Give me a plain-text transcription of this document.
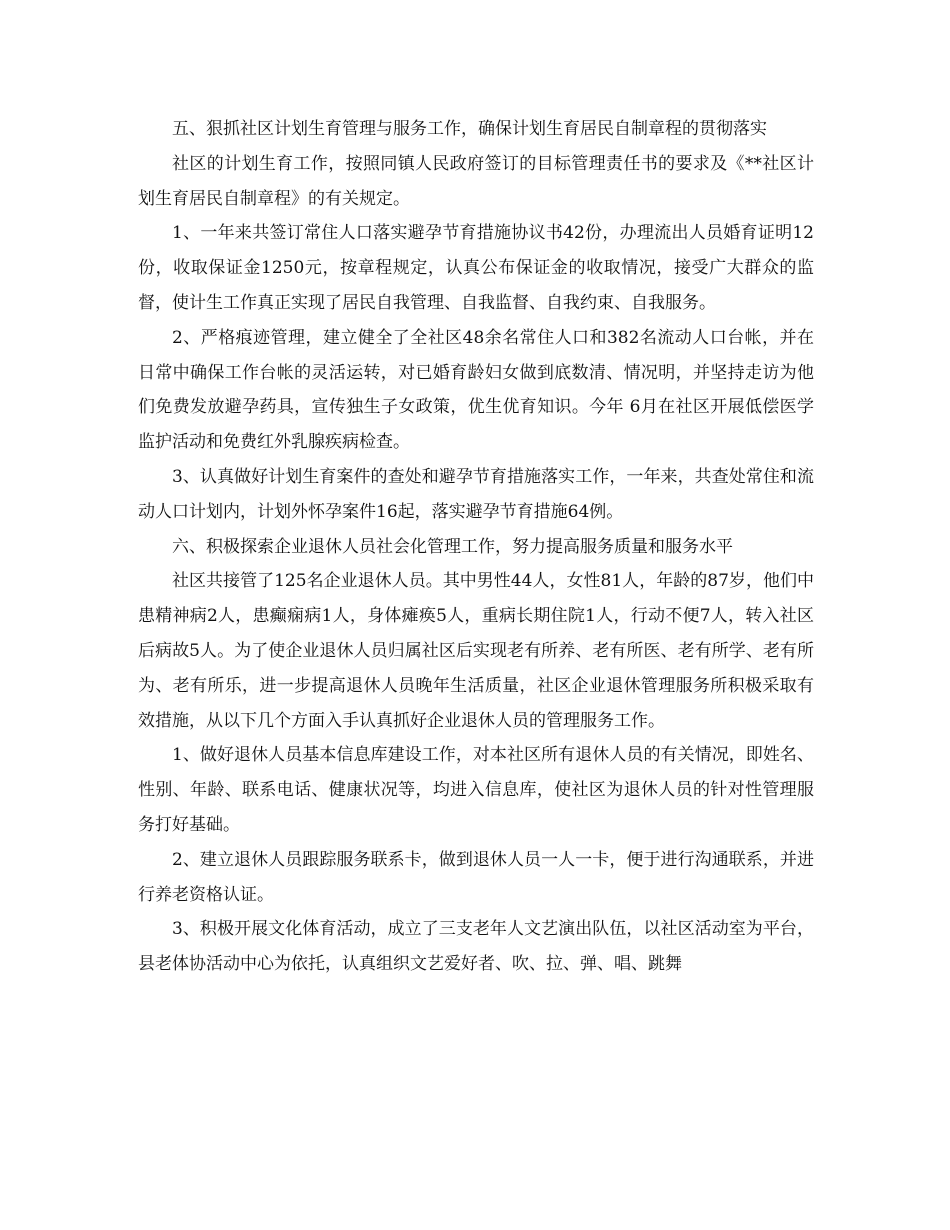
五、狠抓社区计划生育管理与服务工作，确保计划生育居民自制章程的贯彻落实

社区的计划生育工作，按照同镇人民政府签订的目标管理责任书的要求及《**社区计划生育居民自制章程》的有关规定。

1、一年来共签订常住人口落实避孕节育措施协议书42份，办理流出人员婚育证明12份，收取保证金1250元，按章程规定，认真公布保证金的收取情况，接受广大群众的监督，使计生工作真正实现了居民自我管理、自我监督、自我约束、自我服务。

2、严格痕迹管理，建立健全了全社区48余名常住人口和382名流动人口台帐，并在日常中确保工作台帐的灵活运转，对已婚育龄妇女做到底数清、情况明，并坚持走访为他们免费发放避孕药具，宣传独生子女政策，优生优育知识。今年 6月在社区开展低偿医学监护活动和免费红外乳腺疾病检查。

3、认真做好计划生育案件的查处和避孕节育措施落实工作，一年来，共查处常住和流动人口计划内，计划外怀孕案件16起，落实避孕节育措施64例。

六、积极探索企业退休人员社会化管理工作，努力提高服务质量和服务水平

社区共接管了125名企业退休人员。其中男性44人，女性81人，年龄的87岁，他们中患精神病2人，患癫痫病1人，身体瘫痪5人，重病长期住院1人，行动不便7人，转入社区后病故5人。为了使企业退休人员归属社区后实现老有所养、老有所医、老有所学、老有所为、老有所乐，进一步提高退休人员晚年生活质量，社区企业退休管理服务所积极采取有效措施，从以下几个方面入手认真抓好企业退休人员的管理服务工作。

1、做好退休人员基本信息库建设工作，对本社区所有退休人员的有关情况，即姓名、性别、年龄、联系电话、健康状况等，均进入信息库，使社区为退休人员的针对性管理服务打好基础。

2、建立退休人员跟踪服务联系卡，做到退休人员一人一卡，便于进行沟通联系，并进行养老资格认证。

3、积极开展文化体育活动，成立了三支老年人文艺演出队伍，以社区活动室为平台，县老体协活动中心为依托，认真组织文艺爱好者、吹、拉、弹、唱、跳舞
